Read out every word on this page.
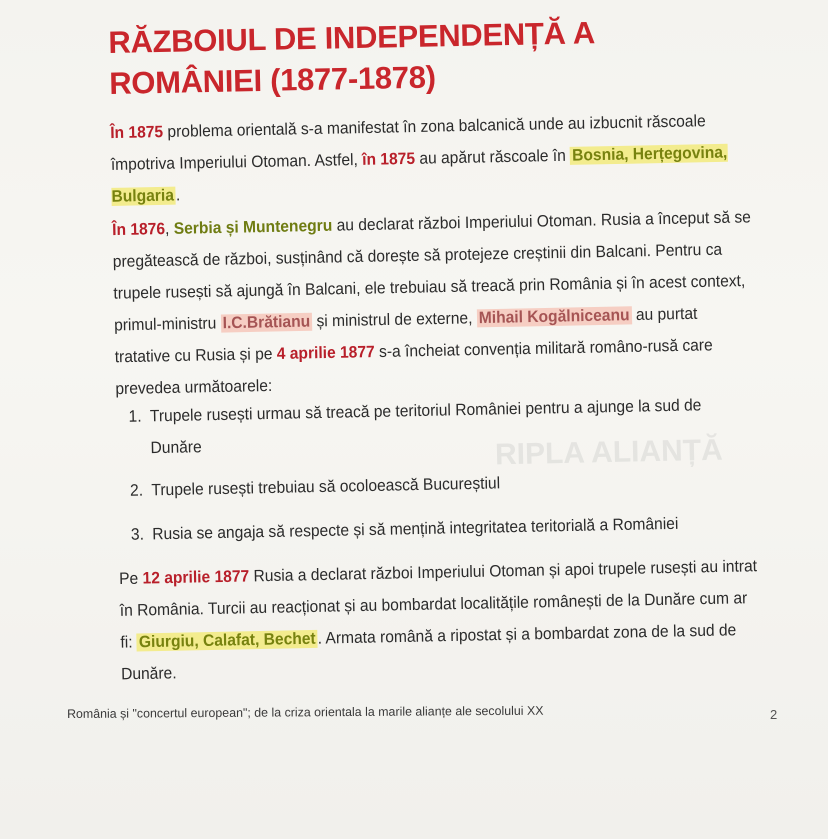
RIPLA ALIANȚĂ
RĂZBOIUL DE INDEPENDENȚĂ A ROMÂNIEI (1877-1878)

În 1875 problema orientală s-a manifestat în zona balcanică unde au izbucnit răscoale împotriva Imperiului Otoman. Astfel, în 1875 au apărut răscoale în Bosnia, Herțegovina, Bulgaria .

În 1876, Serbia și Muntenegru au declarat război Imperiului Otoman. Rusia a început să se pregătească de război, susținând că dorește să protejeze creștinii din Balcani. Pentru ca trupele rusești să ajungă în Balcani, ele trebuiau să treacă prin România și în acest context, primul-ministru I.C.Brătianu și ministrul de externe, Mihail Kogălniceanu au purtat tratative cu Rusia și pe 4 aprilie 1877 s-a încheiat convenția militară româno-rusă care prevedea următoarele:

1. Trupele rusești urmau să treacă pe teritoriul României pentru a ajunge la sud de Dunăre
2. Trupele rusești trebuiau să ocoloească Bucureștiul
3. Rusia se angaja să respecte și să mențină integritatea teritorială a României

Pe 12 aprilie 1877 Rusia a declarat război Imperiului Otoman și apoi trupele rusești au intrat în România. Turcii au reacționat și au bombardat localitățile românești de la Dunăre cum ar fi: Giurgiu, Calafat, Bechet . Armata română a ripostat și a bombardat zona de la sud de Dunăre.

România și "concertul european"; de la criza orientala la marile alianțe ale secolului XX	2
